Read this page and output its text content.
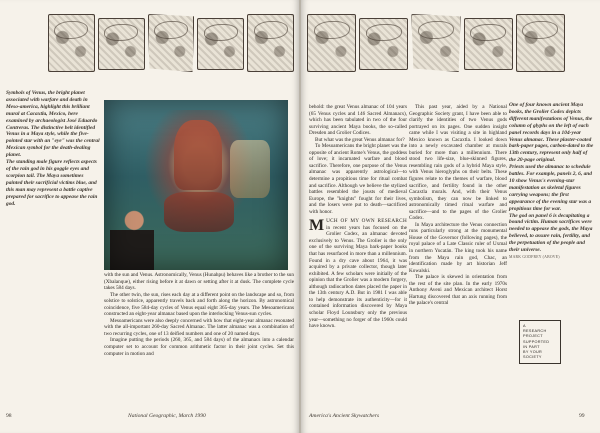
Symbols of Venus, the bright planet associated with warfare and death in Meso-america, highlight this brilliant mural at Cacaxtla, Mexico, here examined by archaeologist José Eduardo Contreras. The distinctive belt identified Venus in a Maya style, while the five-pointed star with an "eye" was the central Mexican symbol for the death-dealing planet.

The standing male figure reflects aspects of the rain god in his goggle eyes and scorpion tail. The Maya sometimes painted their sacrificial victims blue, and this man may represent a battle captive prepared for sacrifice to appease the rain god.

with the sun and Venus. Astronomically, Venus (Hunahpu) behaves like a brother to the sun (Xbalanque), either rising before it at dawn or setting after it at dusk. The complete cycle takes 584 days.

The other twin, the sun, rises each day at a different point on the landscape and so, from solstice to solstice, apparently travels back and forth along the horizon. By astronomical coincidence, five 584-day cycles of Venus equal eight 365-day years. The Mesoamericans constructed an eight-year almanac based upon the interlocking Venus-sun cycles.

Mesoamericans were also deeply concerned with how that eight-year almanac resonated with the all-important 260-day Sacred Almanac. The latter almanac was a combination of two recurring cycles, one of 13 deified numbers and one of 20 named days.

Imagine putting the periods (260, 365, and 584 days) of the almanacs into a calendar computer set to account for common arithmetic factor in their joint cycles. Set this computer in motion and

98	National Geographic, March 1990

behold: the great Venus almanac of 104 years (65 Venus cycles and 146 Sacred Almanacs), which has been tabulated in two of the four surviving ancient Maya books, the so-called Dresden and Grolier Codices.

But what was the great Venus almanac for?

To Mesoamericans the bright planet was the opposite of ancient Rome's Venus, the goddess of love; it incarnated warfare and blood sacrifice. Therefore, one purpose of the Venus almanac was apparently astrological—to determine a propitious time for ritual combat and sacrifice. Although we believe the stylized battles resembled the jousts of medieval Europe, the "knights" fought for their lives, and the losers were put to death—sacrificed with honor.

MUCH OF MY OWN RESEARCH in recent years has focused on the Grolier Codex, an almanac devoted exclusively to Venus. The Grolier is the only one of the surviving Maya bark-paper books that has resurfaced in more than a millennium. Found in a dry cave about 1964, it was acquired by a private collector, though later exhibited. A few scholars were initially of the opinion that the Grolier was a modern forgery, although radiocarbon dates placed the paper in the 13th century A.D. But in 1981 I was able to help demonstrate its authenticity—for it contained information discovered by Maya scholar Floyd Lounsbury only the previous year—something no forger of the 1960s could have known.

This past year, aided by a National Geographic Society grant, I have been able to clarify the identities of two Venus gods portrayed on its pages. One sudden insight came while I was visiting a site in highland Mexico known as Cacaxtla. I looked down into a newly excavated chamber at murals buried for more than a millennium. There stood two life-size, blue-skinned figures, resembling rain gods of a hybrid Maya style, with Venus hieroglyphs on their belts. These figures relate to the themes of warfare, blood sacrifice, and fertility found in the other Cacaxtla murals. And, with their Venus symbolism, they can now be linked to astronomically timed ritual warfare and sacrifice—and to the pages of the Grolier Codex.

In Maya architecture the Venus connection runs particularly strong at the monumental House of the Governor (following pages), the royal palace of a Late Classic ruler of Uxmal in northern Yucatán. The king took his name from the Maya rain god, Chac, an identification made by art historian Jeff Kowalski.

The palace is skewed in orientation from the rest of the site plan. In the early 1970s Anthony Aveni and Mexican architect Horst Hartung discovered that an axis running from the palace's central

One of four known ancient Maya books, the Grolier Codex depicts different manifestations of Venus, the column of glyphs on the left of each panel records days in a 104-year Venus almanac. These plaster-coated bark-paper pages, carbon-dated to the 13th century, represent only half of the 20-page original.

Priests used the almanac to schedule battles. For example, panels 2, 6, and 10 show Venus's evening-star manifestation as skeletal figures carrying weapons; the first appearance of the evening star was a propitious time for war.

The god on panel 6 is decapitating a bound victim. Human sacrifices were needed to appease the gods, the Maya believed, to assure rain, fertility, and the perpetuation of the people and their universe.

MARK GODFREY (ABOVE)

A
RESEARCH
PROJECT
SUPPORTED
IN PART
BY YOUR
SOCIETY
America's Ancient Skywatchers	99
